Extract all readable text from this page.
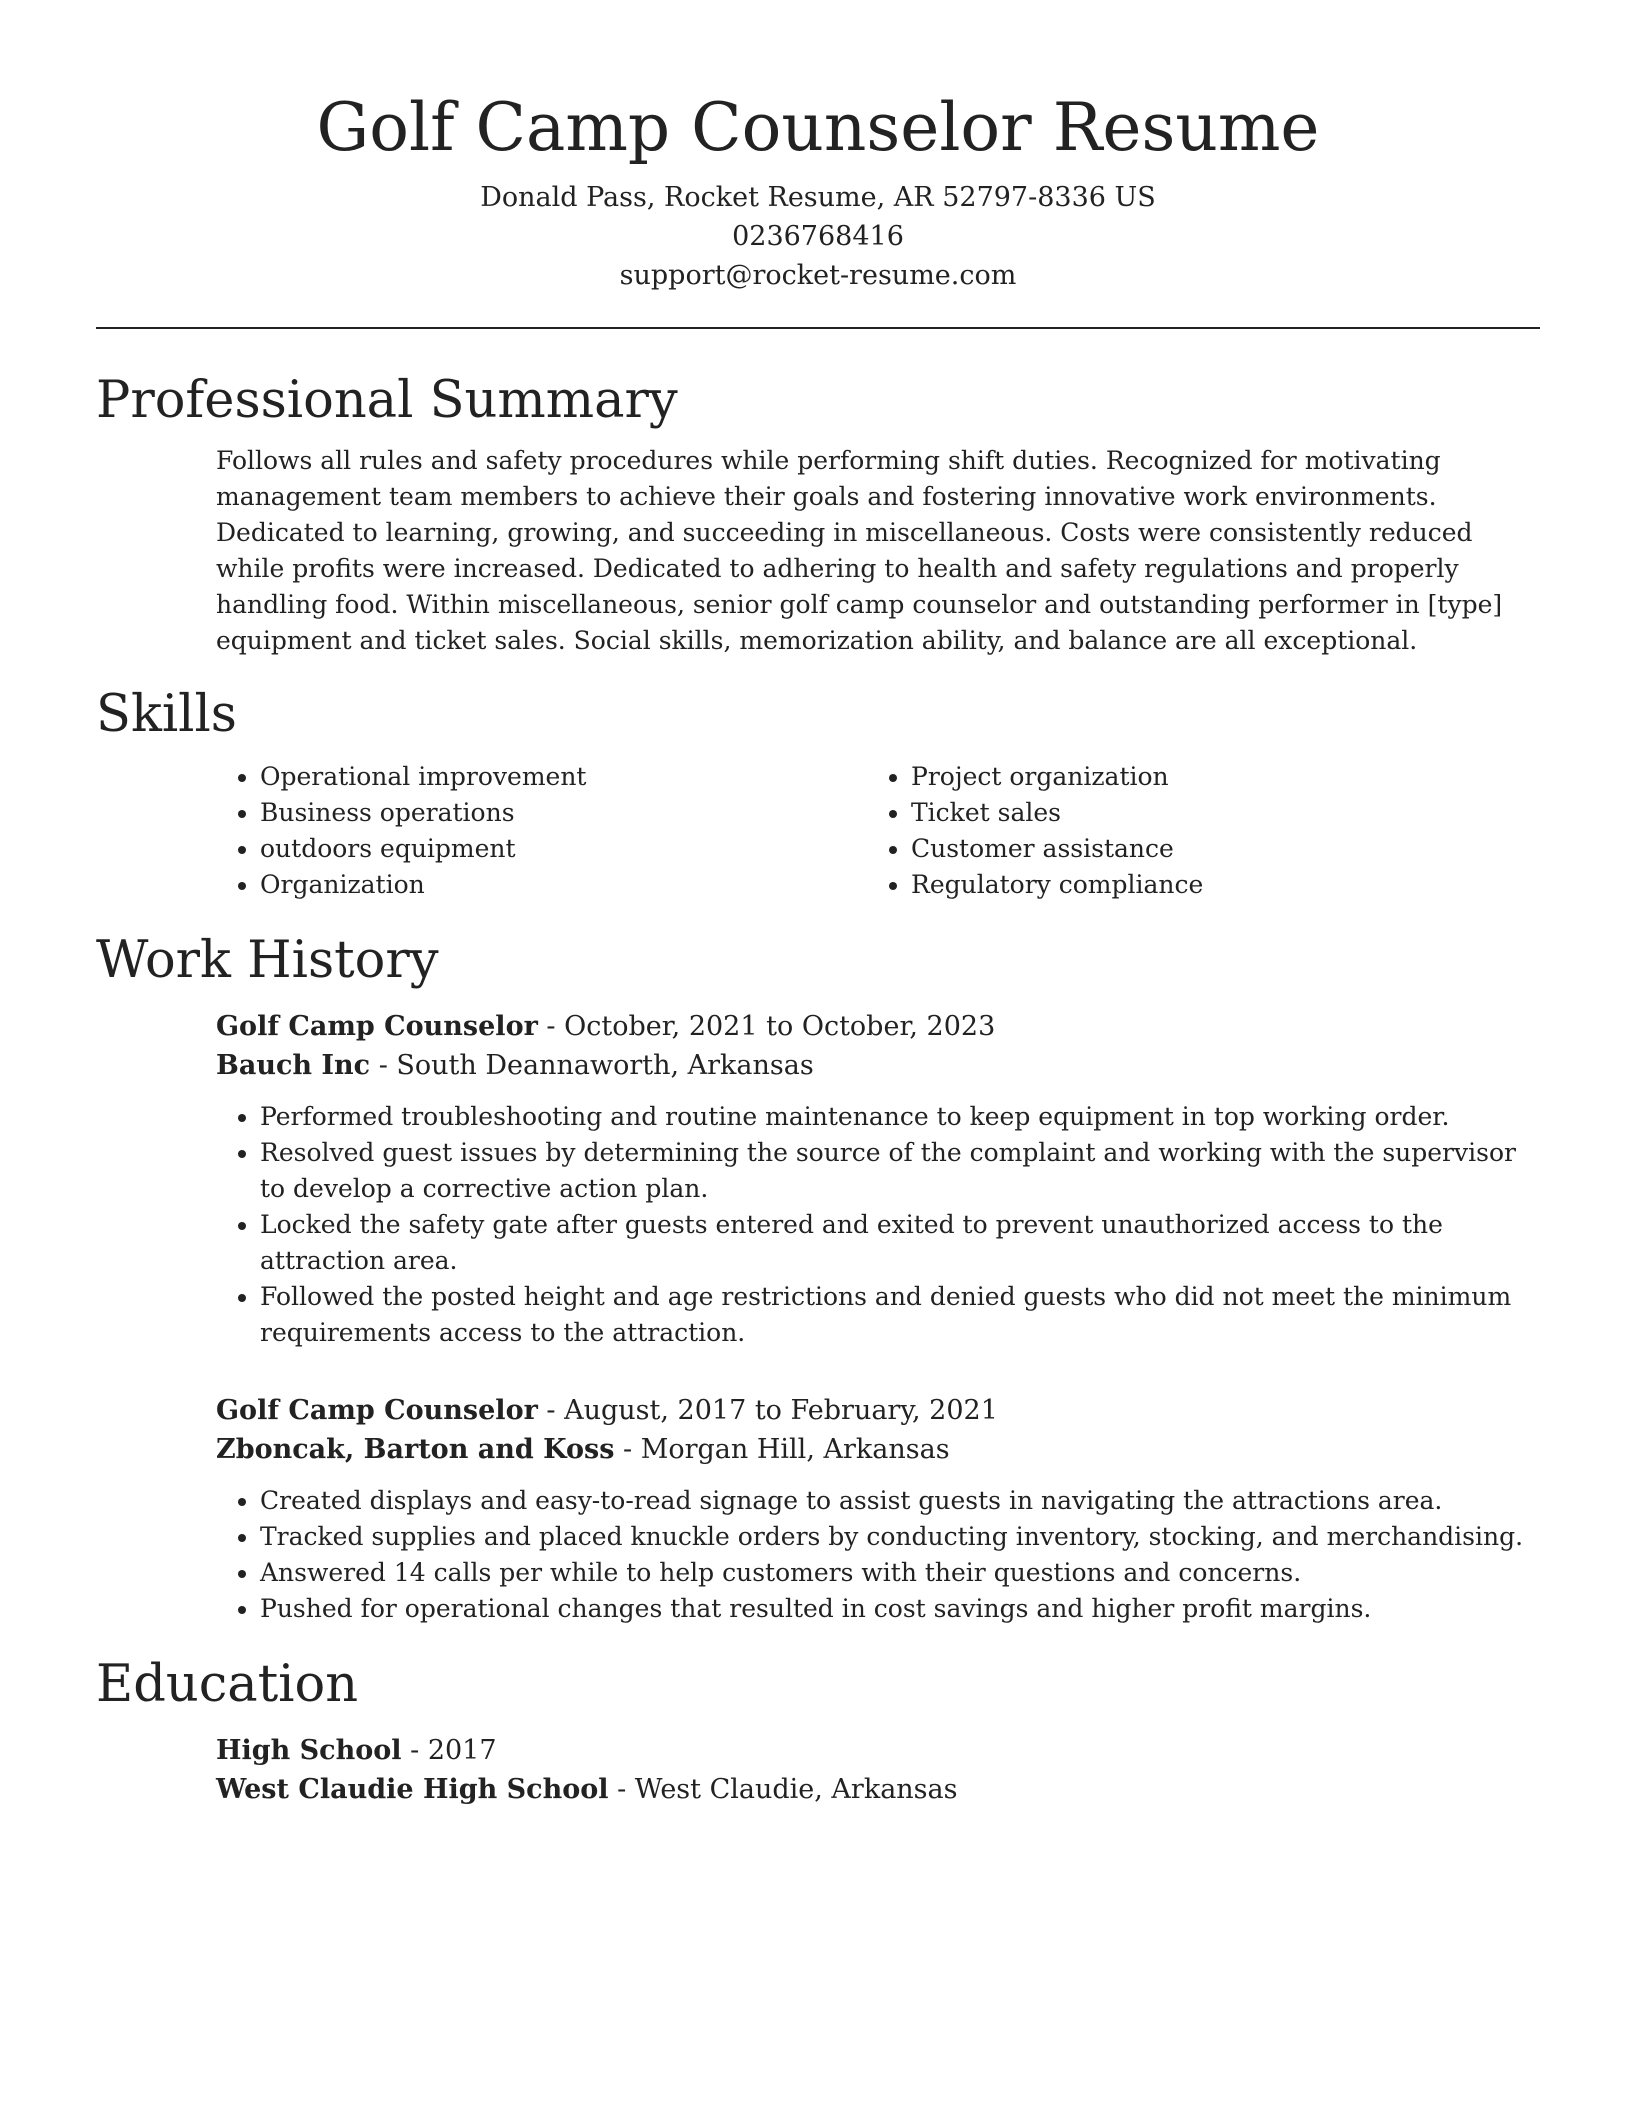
Golf Camp Counselor Resume
Donald Pass, Rocket Resume, AR 52797-8336 US
0236768416
support@rocket-resume.com
Professional Summary
Follows all rules and safety procedures while performing shift duties. Recognized for motivating management team members to achieve their goals and fostering innovative work environments. Dedicated to learning, growing, and succeeding in miscellaneous. Costs were consistently reduced while profits were increased. Dedicated to adhering to health and safety regulations and properly handling food. Within miscellaneous, senior golf camp counselor and outstanding performer in [type] equipment and ticket sales. Social skills, memorization ability, and balance are all exceptional.
Skills
• Operational improvement
• Business operations
• outdoors equipment
• Organization
• Project organization
• Ticket sales
• Customer assistance
• Regulatory compliance
Work History
Golf Camp Counselor - October, 2021 to October, 2023
Bauch Inc - South Deannaworth, Arkansas
• Performed troubleshooting and routine maintenance to keep equipment in top working order.
• Resolved guest issues by determining the source of the complaint and working with the supervisor to develop a corrective action plan.
• Locked the safety gate after guests entered and exited to prevent unauthorized access to the attraction area.
• Followed the posted height and age restrictions and denied guests who did not meet the minimum requirements access to the attraction.
Golf Camp Counselor - August, 2017 to February, 2021
Zboncak, Barton and Koss - Morgan Hill, Arkansas
• Created displays and easy-to-read signage to assist guests in navigating the attractions area.
• Tracked supplies and placed knuckle orders by conducting inventory, stocking, and merchandising.
• Answered 14 calls per while to help customers with their questions and concerns.
• Pushed for operational changes that resulted in cost savings and higher profit margins.
Education
High School - 2017
West Claudie High School - West Claudie, Arkansas
